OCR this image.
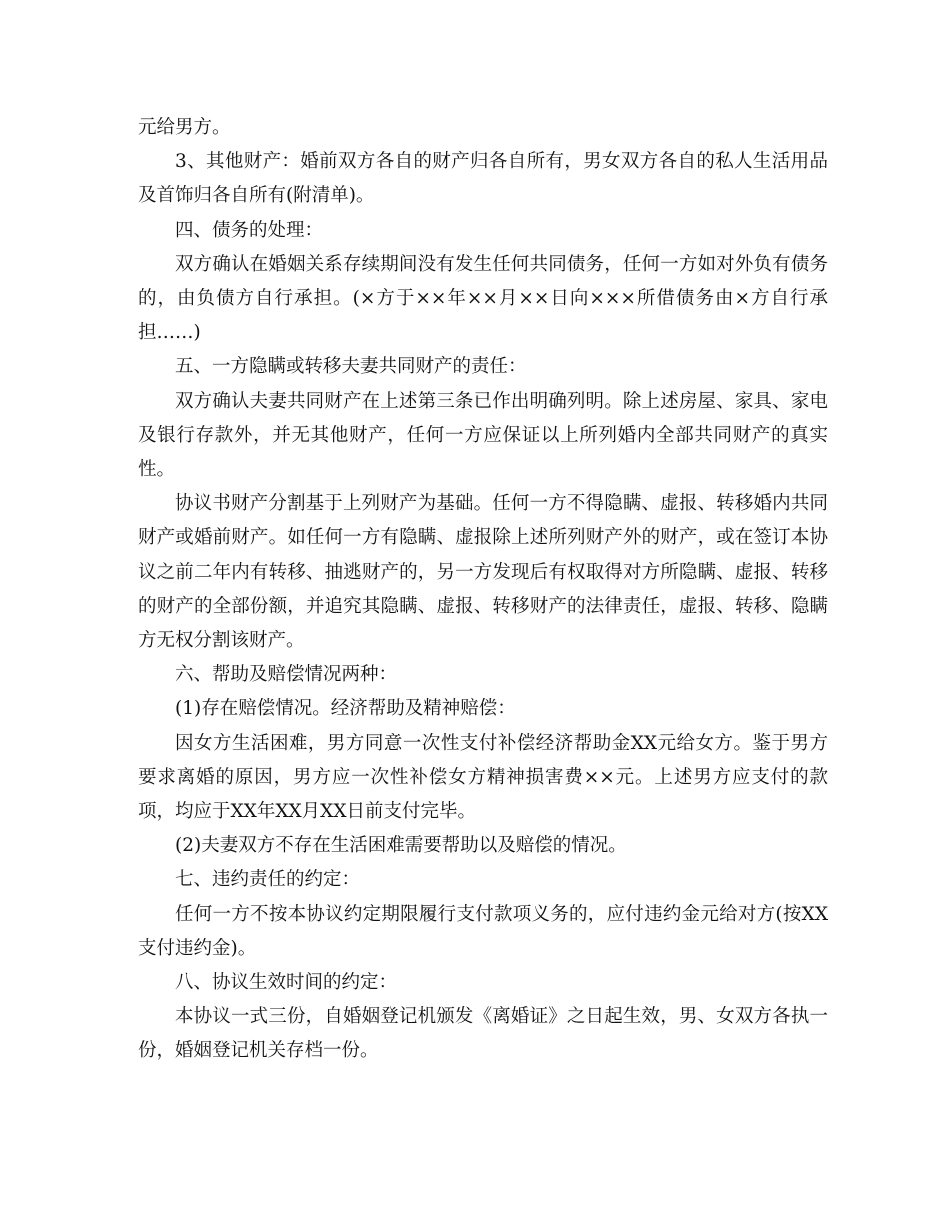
元给男方。

3、其他财产：婚前双方各自的财产归各自所有，男女双方各自的私人生活用品及首饰归各自所有(附清单)。

四、债务的处理：

双方确认在婚姻关系存续期间没有发生任何共同债务，任何一方如对外负有债务的，由负债方自行承担。(×方于××年××月××日向×××所借债务由×方自行承担……)

五、一方隐瞒或转移夫妻共同财产的责任：

双方确认夫妻共同财产在上述第三条已作出明确列明。除上述房屋、家具、家电及银行存款外，并无其他财产，任何一方应保证以上所列婚内全部共同财产的真实性。

协议书财产分割基于上列财产为基础。任何一方不得隐瞒、虚报、转移婚内共同财产或婚前财产。如任何一方有隐瞒、虚报除上述所列财产外的财产，或在签订本协议之前二年内有转移、抽逃财产的，另一方发现后有权取得对方所隐瞒、虚报、转移的财产的全部份额，并追究其隐瞒、虚报、转移财产的法律责任，虚报、转移、隐瞒方无权分割该财产。

六、帮助及赔偿情况两种：

(1)存在赔偿情况。经济帮助及精神赔偿：

因女方生活困难，男方同意一次性支付补偿经济帮助金XX元给女方。鉴于男方要求离婚的原因，男方应一次性补偿女方精神损害费××元。上述男方应支付的款项，均应于XX年XX月XX日前支付完毕。

(2)夫妻双方不存在生活困难需要帮助以及赔偿的情况。

七、违约责任的约定：

任何一方不按本协议约定期限履行支付款项义务的，应付违约金元给对方(按XX支付违约金)。

八、协议生效时间的约定：

本协议一式三份，自婚姻登记机颁发《离婚证》之日起生效，男、女双方各执一份，婚姻登记机关存档一份。
